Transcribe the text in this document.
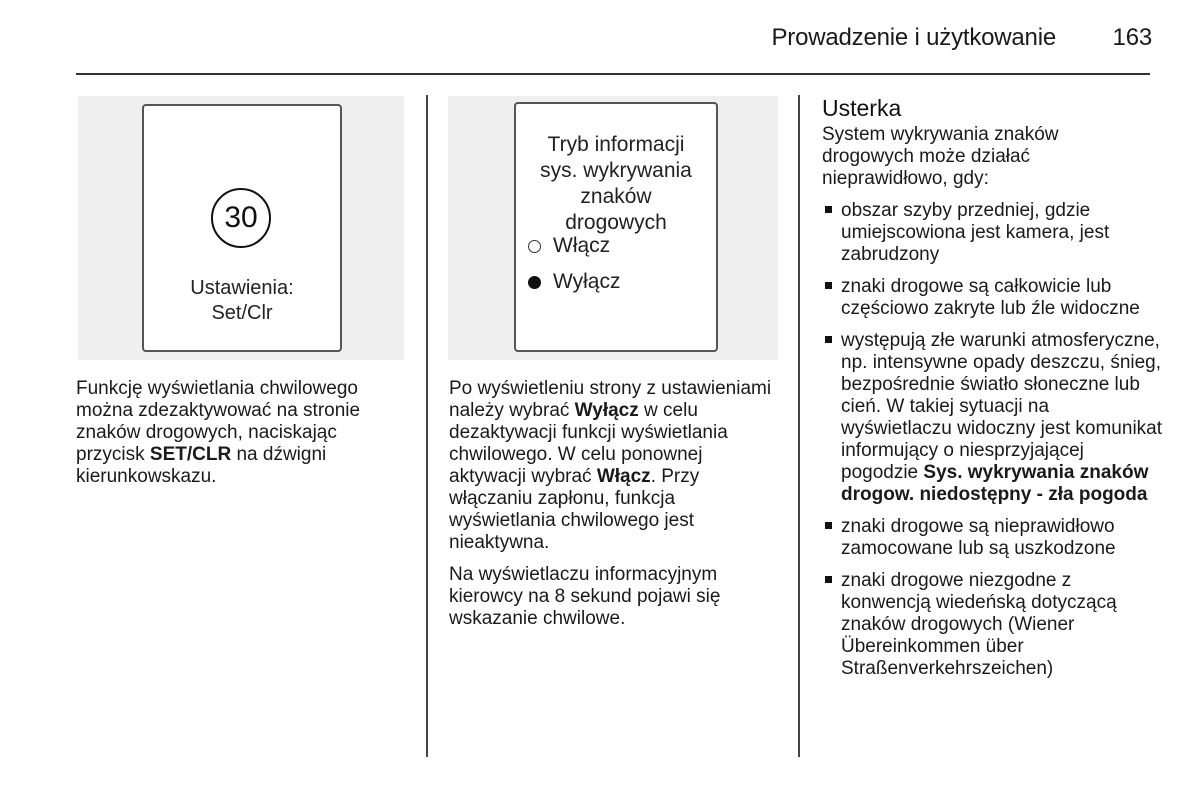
Prowadzenie i użytkowanie 163
30
Ustawienia:
Set/Clr
Tryb informacji
sys. wykrywania
znaków
drogowych
Włącz
Wyłącz

Funkcję wyświetlania chwilowego można zdezaktywować na stronie znaków drogowych, naciskając przycisk SET/CLR na dźwigni kierunkowskazu.

Po wyświetleniu strony z ustawieniami należy wybrać Wyłącz w celu dezaktywacji funkcji wyświetlania chwilowego. W celu ponownej aktywacji wybrać Włącz. Przy włączaniu zapłonu, funkcja wyświetlania chwilowego jest nieaktywna.

Na wyświetlaczu informacyjnym kierowcy na 8 sekund pojawi się wskazanie chwilowe.

Usterka

System wykrywania znaków drogowych może działać nieprawidłowo, gdy:

obszar szyby przedniej, gdzie umiejscowiona jest kamera, jest zabrudzony
znaki drogowe są całkowicie lub częściowo zakryte lub źle widoczne
występują złe warunki atmosferyczne, np. intensywne opady deszczu, śnieg, bezpośrednie światło słoneczne lub cień. W takiej sytuacji na wyświetlaczu widoczny jest komunikat informujący o niesprzyjającej pogodzie Sys. wykrywania znaków drogow. niedostępny - zła pogoda
znaki drogowe są nieprawidłowo zamocowane lub są uszkodzone
znaki drogowe niezgodne z konwencją wiedeńską dotyczącą znaków drogowych (Wiener Übereinkommen über Straßenverkehrszeichen)
